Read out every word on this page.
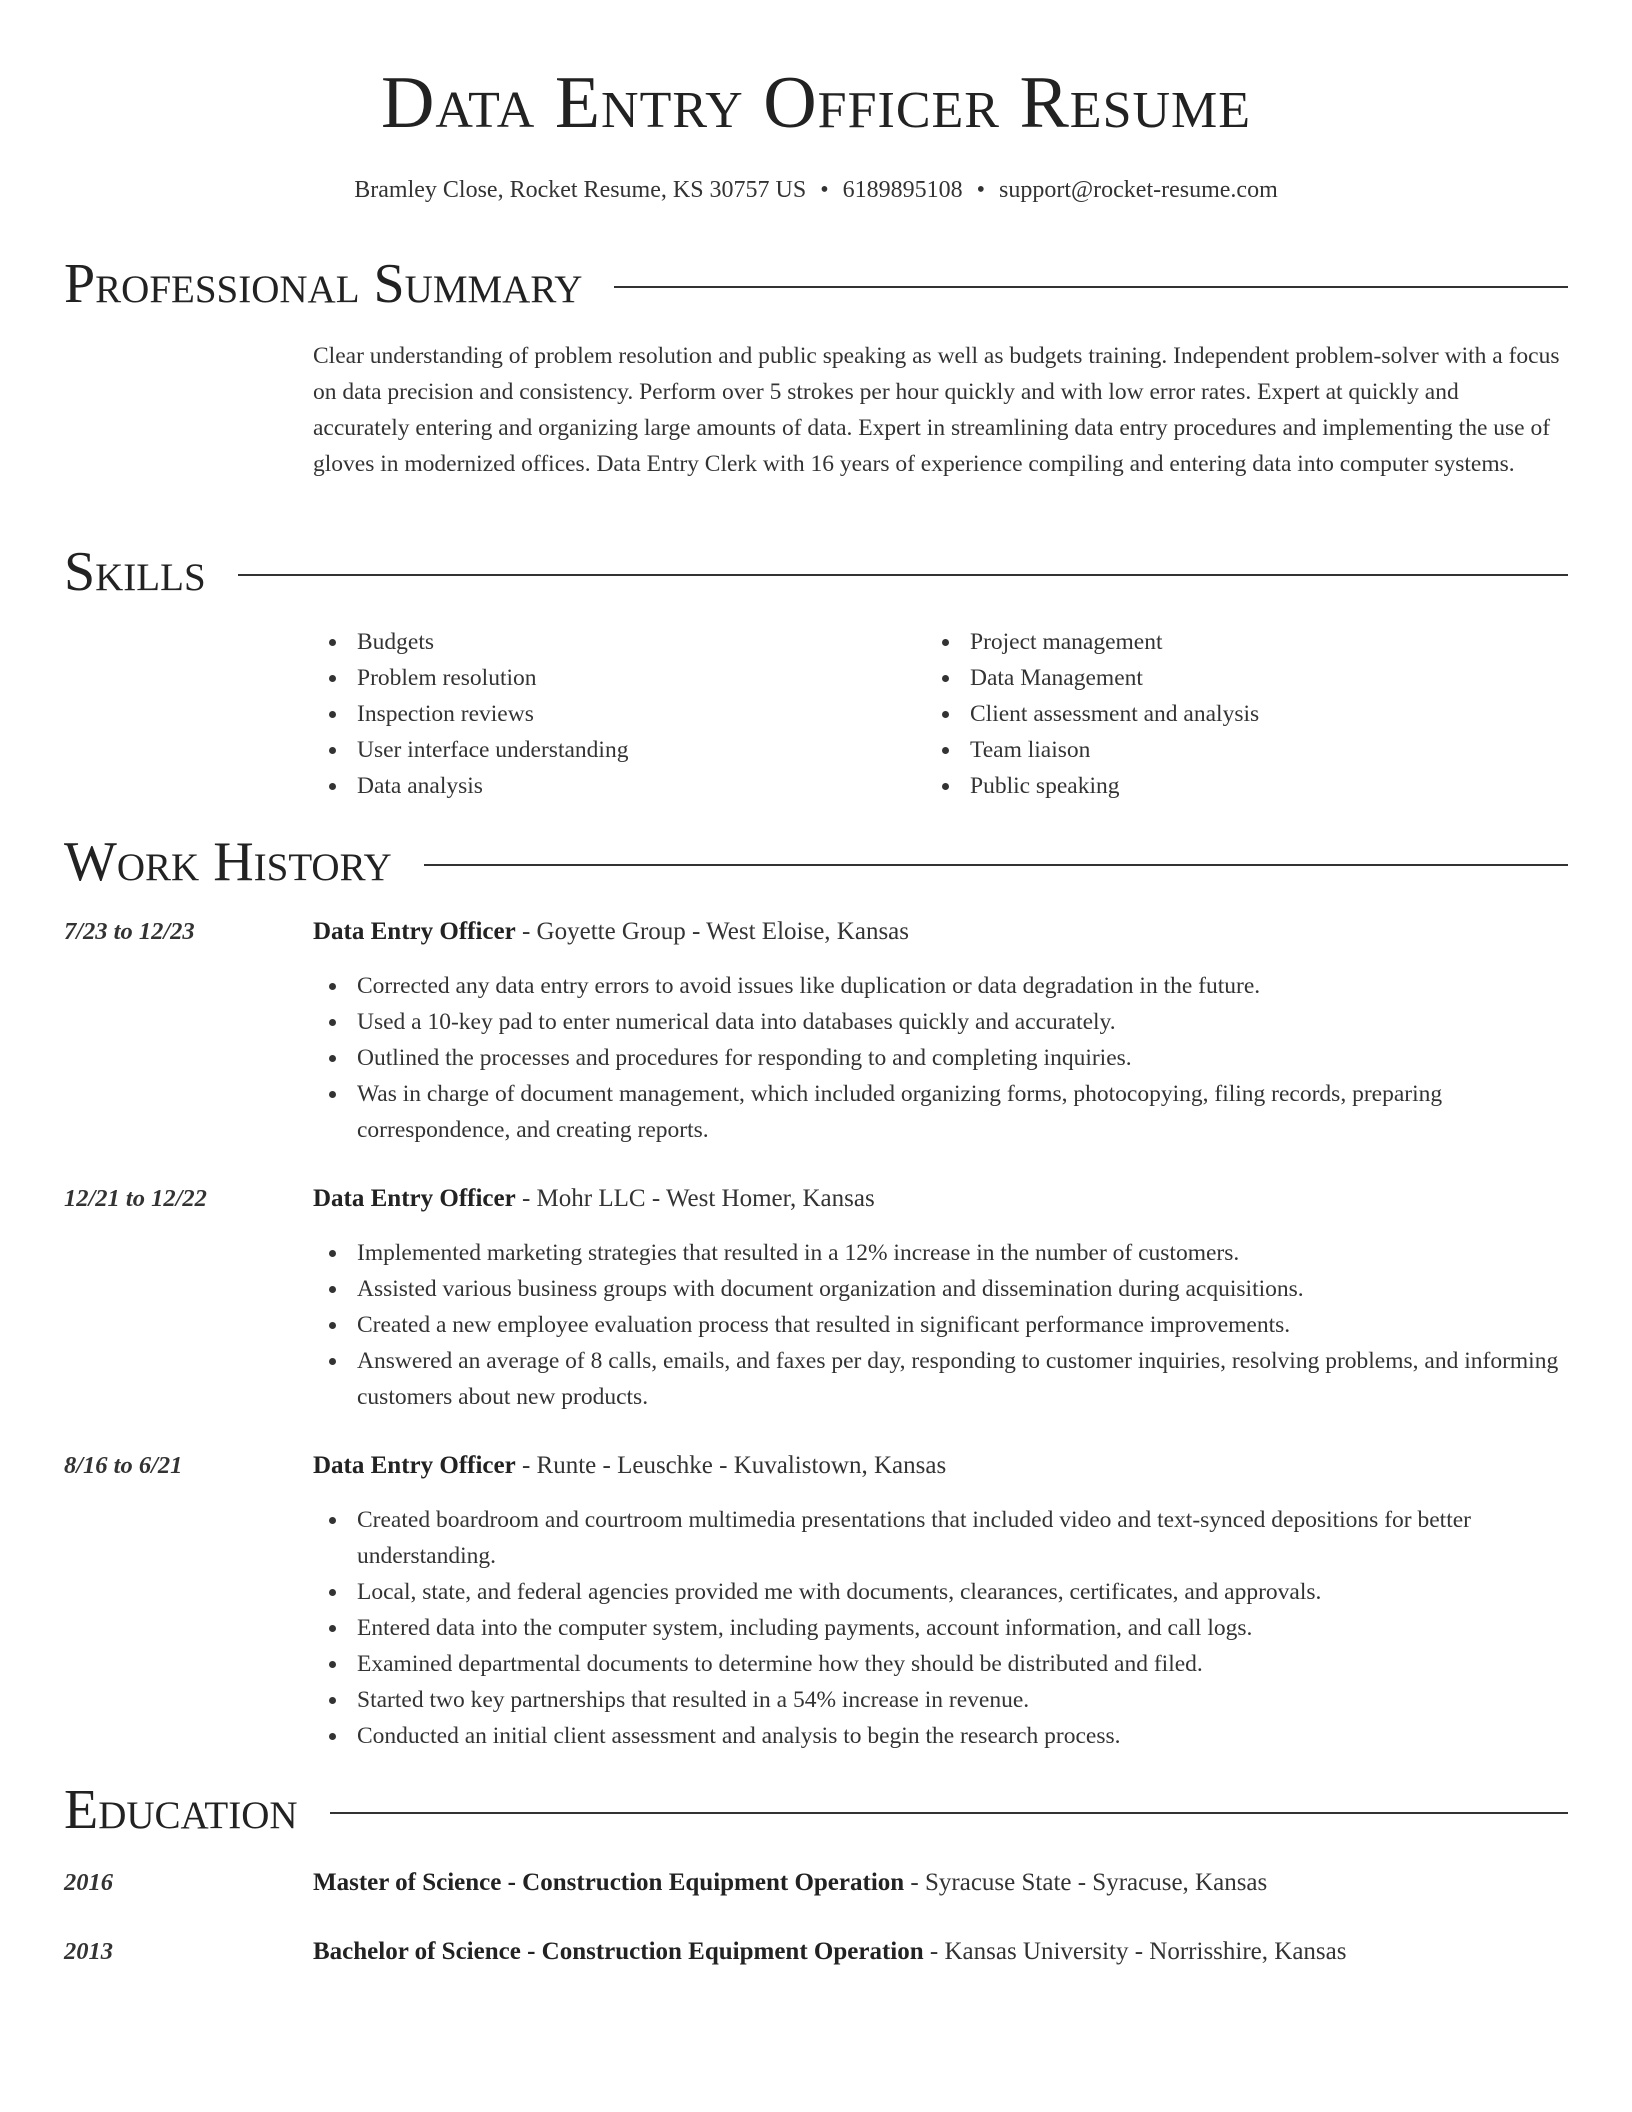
Data Entry Officer Resume
Bramley Close, Rocket Resume, KS 30757 US • 6189895108 • support@rocket-resume.com
Professional Summary

Clear understanding of problem resolution and public speaking as well as budgets training. Independent problem-solver with a focus on data precision and consistency. Perform over 5 strokes per hour quickly and with low error rates. Expert at quickly and accurately entering and organizing large amounts of data. Expert in streamlining data entry procedures and implementing the use of gloves in modernized offices. Data Entry Clerk with 16 years of experience compiling and entering data into computer systems.

Skills
Budgets
Problem resolution
Inspection reviews
User interface understanding
Data analysis
Project management
Data Management
Client assessment and analysis
Team liaison
Public speaking
Work History
7/23 to 12/23	Data Entry Officer - Goyette Group - West Eloise, Kansas
Corrected any data entry errors to avoid issues like duplication or data degradation in the future.
Used a 10-key pad to enter numerical data into databases quickly and accurately.
Outlined the processes and procedures for responding to and completing inquiries.
Was in charge of document management, which included organizing forms, photocopying, filing records, preparing correspondence, and creating reports.
12/21 to 12/22	Data Entry Officer - Mohr LLC - West Homer, Kansas
Implemented marketing strategies that resulted in a 12% increase in the number of customers.
Assisted various business groups with document organization and dissemination during acquisitions.
Created a new employee evaluation process that resulted in significant performance improvements.
Answered an average of 8 calls, emails, and faxes per day, responding to customer inquiries, resolving problems, and informing customers about new products.
8/16 to 6/21	Data Entry Officer - Runte - Leuschke - Kuvalistown, Kansas
Created boardroom and courtroom multimedia presentations that included video and text-synced depositions for better understanding.
Local, state, and federal agencies provided me with documents, clearances, certificates, and approvals.
Entered data into the computer system, including payments, account information, and call logs.
Examined departmental documents to determine how they should be distributed and filed.
Started two key partnerships that resulted in a 54% increase in revenue.
Conducted an initial client assessment and analysis to begin the research process.
Education
2016	Master of Science - Construction Equipment Operation - Syracuse State - Syracuse, Kansas
2013	Bachelor of Science - Construction Equipment Operation - Kansas University - Norrisshire, Kansas
